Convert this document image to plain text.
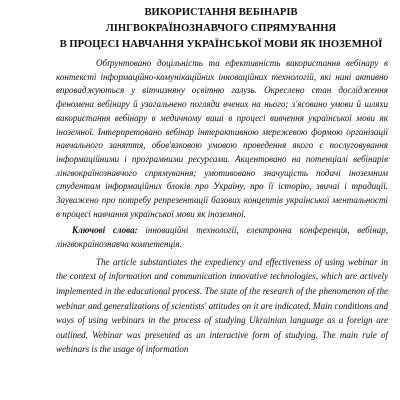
ВИКОРИСТАННЯ ВЕБІНАРІВ
ЛІНГВОКРАЇНОЗНАВЧОГО СПРЯМУВАННЯ
В ПРОЦЕСІ НАВЧАННЯ УКРАЇНСЬКОЇ МОВИ ЯК ІНОЗЕМНОЇ

Обґрунтовано доцільність та ефективність використання вебінару в контексті інформаційно-комунікаційних інноваційних технологій, які нині активно впроваджуються у вітчизняну освітню галузь. Окреслено стан дослідження феномена вебінару й узагальнено погляди вчених на нього; з'ясовано умови й шляхи використання вебінару в медичному виші в процесі вивчення української мови як іноземної. Інтерпретовано вебінар інтерактивною мережевою формою організації навчального заняття, обов'язковою умовою проведення якого є послуговування інформаційними і програмними ресурсами. Акцентовано на потенціалі вебінарів лінгвокраїнознавчого спрямування; умотивовано значущість подачі іноземним студентам інформаційних блоків про Україну, про її історію, звичаї і традиції. Зауважено про потребу репрезентації базових концептів української ментальності в процесі навчання української мови як іноземної.

Ключові слова: інноваційні технології, електронна конференція, вебінар, лінгвокраїнознавча компетенція.

The article substantiates the expediency and effectiveness of using webinar in the context of information and communication innovative technologies, which are actively implemented in the educational process. The state of the research of the phenomenon of the webinar and generalizations of scientists' attitudes on it are indicated. Main conditions and ways of using webinars in the process of studying Ukrainian language as a foreign are outlined. Webinar was presented as an interactive form of studying. The main rule of webinars is the usage of information
